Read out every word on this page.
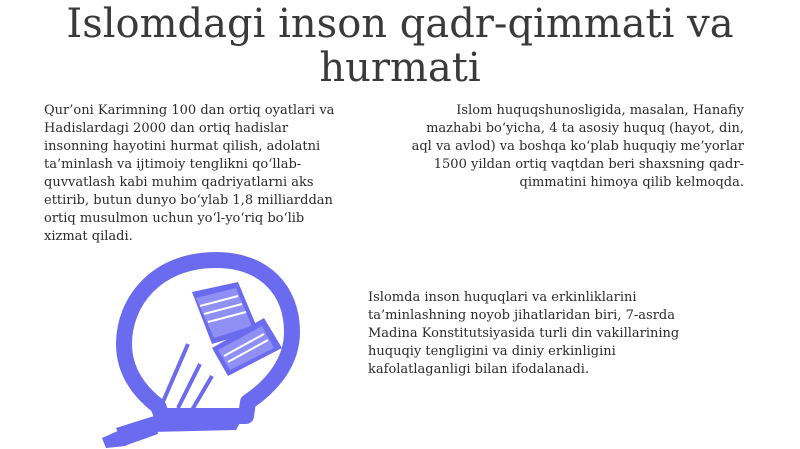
Islomdagi inson qadr-qimmati va hurmati

Qur’oni Karimning 100 dan ortiq oyatlari va Hadislardagi 2000 dan ortiq hadislar insonning hayotini hurmat qilish, adolatni ta’minlash va ijtimoiy tenglikni qo‘llab-quvvatlash kabi muhim qadriyatlarni aks ettirib, butun dunyo bo‘ylab 1,8 milliarddan ortiq musulmon uchun yo‘l-yo‘riq bo‘lib xizmat qiladi.

Islom huquqshunosligida, masalan, Hanafiy mazhabi bo‘yicha, 4 ta asosiy huquq (hayot, din, aql va avlod) va boshqa ko‘plab huquqiy me’yorlar 1500 yildan ortiq vaqtdan beri shaxsning qadr-qimmatini himoya qilib kelmoqda.

Islomda inson huquqlari va erkinliklarini ta’minlashning noyob jihatlaridan biri, 7-asrda Madina Konstitutsiyasida turli din vakillarining huquqiy tengligini va diniy erkinligini kafolatlaganligi bilan ifodalanadi.
